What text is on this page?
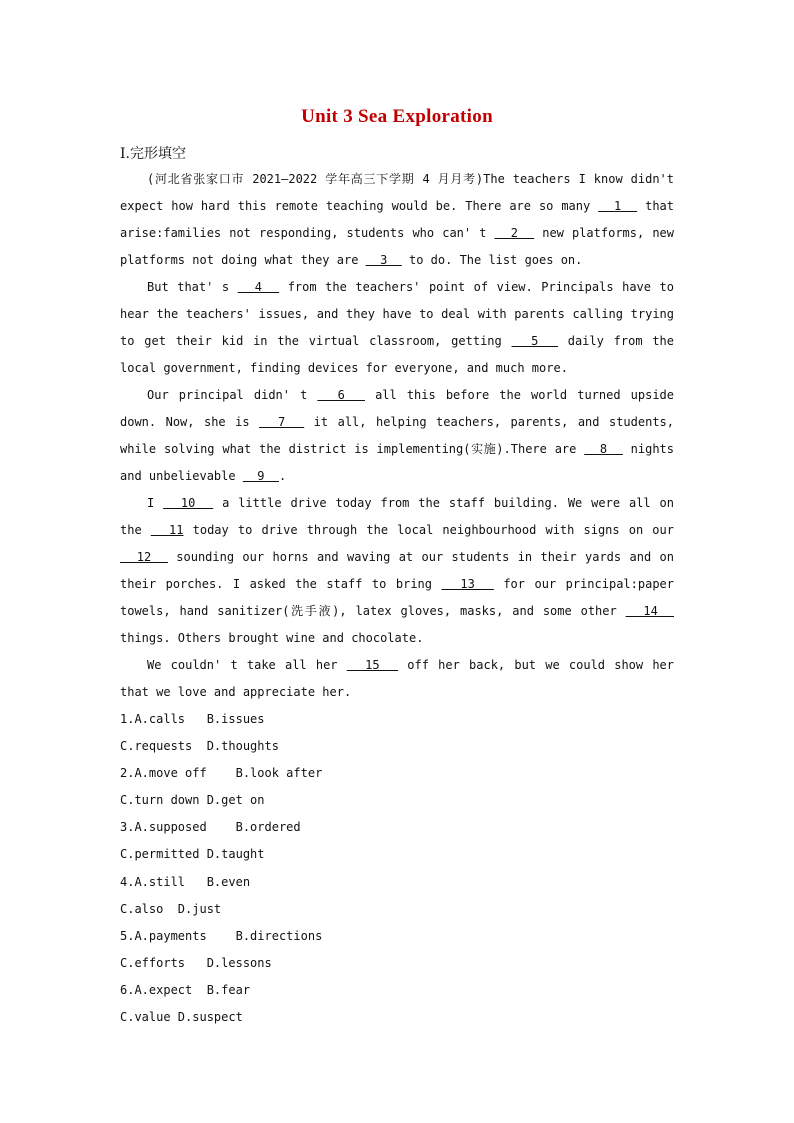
Unit 3 Sea Exploration
Ⅰ.完形填空

(河北省张家口市 2021—2022 学年高三下学期 4 月月考)The teachers I know didn't expect how hard this remote teaching would be. There are so many   1   that arise:families not responding, students who can' t   2   new platforms, new platforms not doing what they are   3   to do. The list goes on.

But that' s   4   from the teachers' point of view. Principals have to hear the teachers' issues, and they have to deal with parents calling trying to get their kid in the virtual classroom, getting   5   daily from the local government, finding devices for everyone, and much more.

Our principal didn' t   6   all this before the world turned upside down. Now, she is   7   it all, helping teachers, parents, and students, while solving what the district is implementing(实施).There are   8   nights and unbelievable   9  .

I   10   a little drive today from the staff building. We were all on the   11 today to drive through the local neighbourhood with signs on our   12   sounding our horns and waving at our students in their yards and on their porches. I asked the staff to bring   13   for our principal:paper towels, hand sanitizer(洗手液), latex gloves, masks, and some other   14   things. Others brought wine and chocolate.

We couldn' t take all her   15   off her back, but we could show her that we love and appreciate her.

1.A.calls   B.issues
C.requests  D.thoughts
2.A.move off    B.look after
C.turn down D.get on
3.A.supposed    B.ordered
C.permitted D.taught
4.A.still   B.even
C.also  D.just
5.A.payments    B.directions
C.efforts   D.lessons
6.A.expect  B.fear
C.value D.suspect
